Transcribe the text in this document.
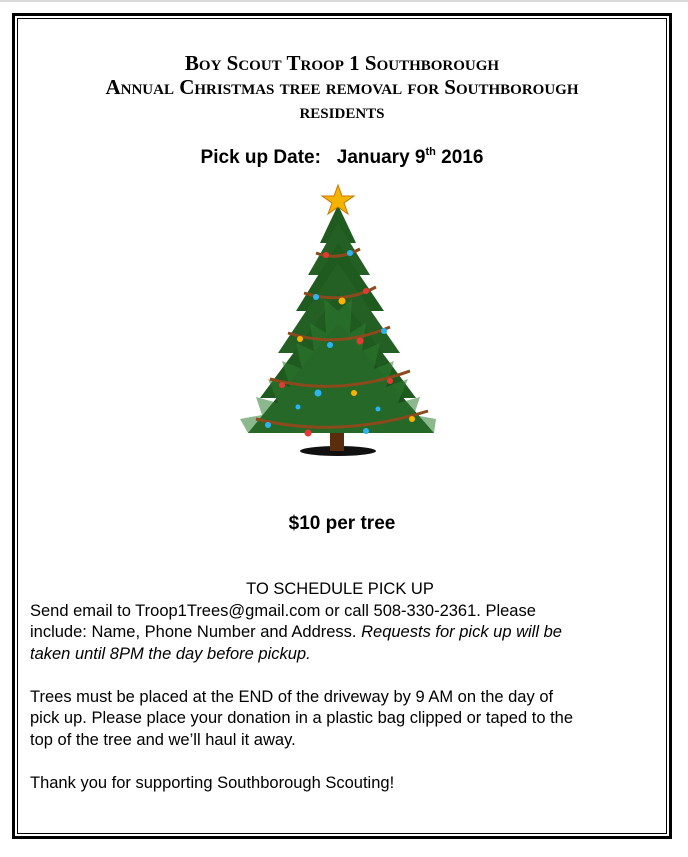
Boy Scout Troop 1 Southborough
Annual Christmas tree removal for Southborough
residents
Pick up Date: January 9th 2016
$10 per tree
TO SCHEDULE PICK UP
Send email to Troop1Trees@gmail.com or call 508-330-2361. Please
include: Name, Phone Number and Address. Requests for pick up will be
taken until 8PM the day before pickup.
Trees must be placed at the END of the driveway by 9 AM on the day of
pick up. Please place your donation in a plastic bag clipped or taped to the
top of the tree and we’ll haul it away.
Thank you for supporting Southborough Scouting!
